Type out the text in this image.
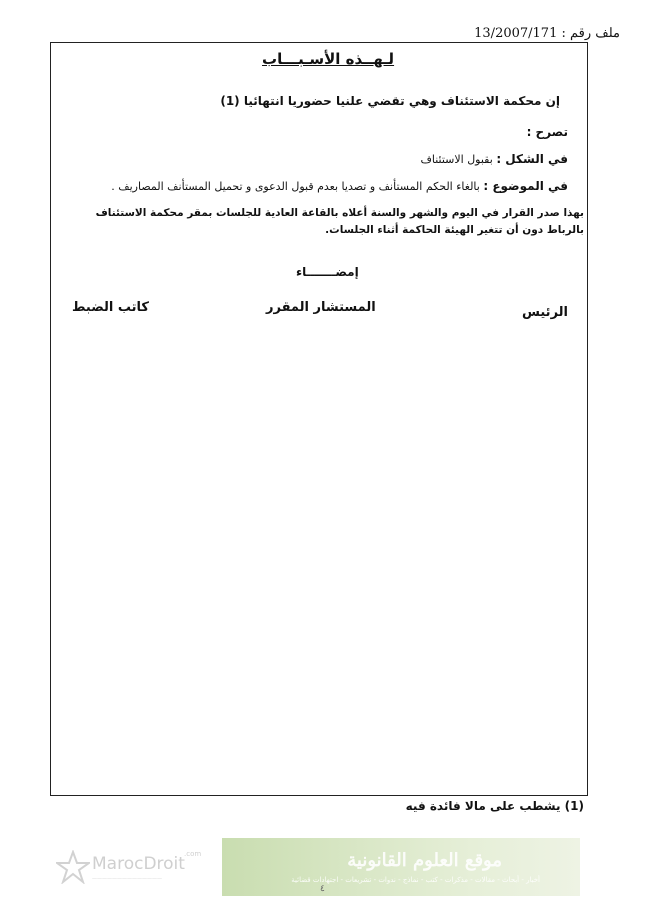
ملف رقم : 13/2007/171
لـهــذه الأسـبـــاب
إن محكمة الاستئناف وهي تقضي علنيا حضوريا انتهائيا (1)
تصرح :
في الشكل : بقبول الاستئناف
في الموضوع : بالغاء الحكم المستأنف و تصديا بعدم قبول الدعوى و تحميل المستأنف المصاريف .
بهذا صدر القرار في اليوم والشهر والسنة أعلاه بالقاعة العادية للجلسات بمقر محكمة الاستئناف
بالرباط دون أن تتغير الهيئة الحاكمة أثناء الجلسات.
إمضـــــــاء
الرئيس
المستشار المقرر
كاتب الضبط
(1) يشطب على مالا فائدة فيه
MarocDroit .com
——————————————
موقع العلوم القانونية
أخبار - أبحاث - مقالات - مذكرات - كتب - نماذج - ندوات - تشريعات - اجتهادات قضائية
٤
